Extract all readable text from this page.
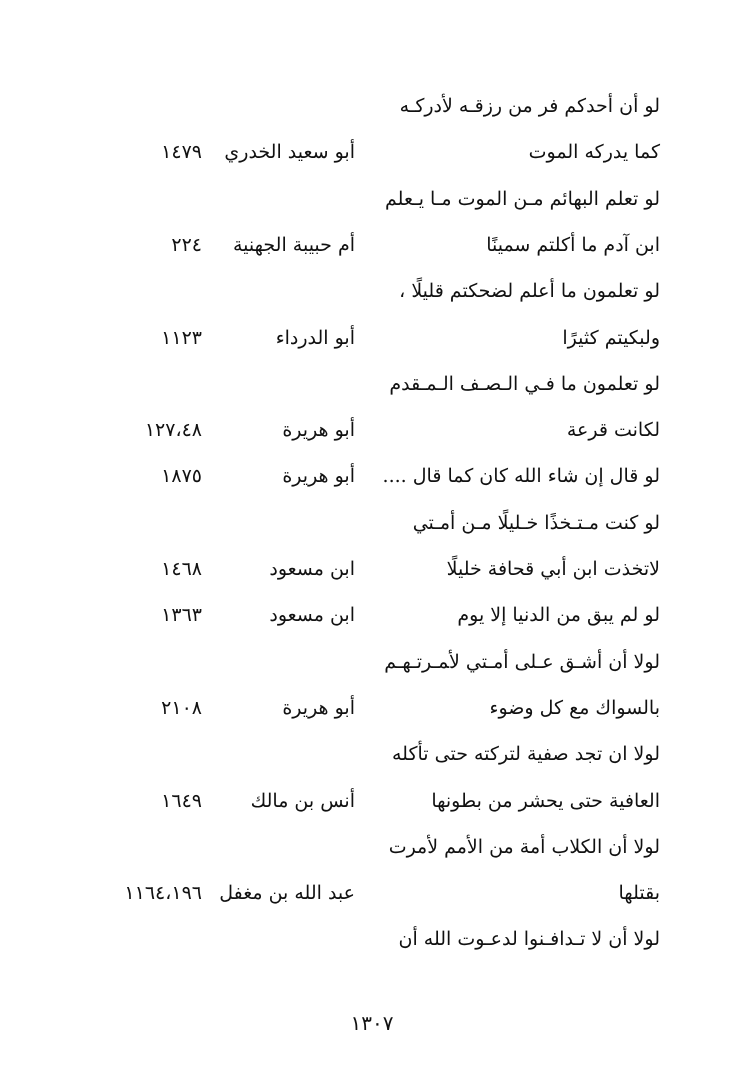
لو أن أحدكم فر من رزقـه لأدركـه
كما يدركه الموت
أبو سعيد الخدري
١٤٧٩
لو تعلم البهائم مـن الموت مـا يـعلم
ابن آدم ما أكلتم سمينًا
أم حبيبة الجهنية
٢٢٤
لو تعلمون ما أعلم لضحكتم قليلًا ،
ولبكيتم كثيرًا
أبو الدرداء
١١٢٣
لو تعلمون ما فـي الـصـف الـمـقدم
لكانت قرعة
أبو هريرة
١٢٧،٤٨
لو قال إن شاء الله كان كما قال ....
أبو هريرة
١٨٧٥
لو كنت مـتـخذًا خـليلًا مـن أمـتي
لاتخذت ابن أبي قحافة خليلًا
ابن مسعود
١٤٦٨
لو لم يبق من الدنيا إلا يوم
ابن مسعود
١٣٦٣
لولا أن أشـق عـلى أمـتي لأ‍مـرتـهـم
بالسواك مع كل وضوء
أبو هريرة
٢١٠٨
لولا ان تجد صفية لتركته حتى تأكله
العافية حتى يحشر من بطونها
أنس بن مالك
١٦٤٩
لولا أن الكلاب أمة من الأمم لأمرت
بقتلها
عبد الله بن مغفل
١١٦٤،١٩٦
لولا أن لا تـدافـنوا لدعـوت الله أن
١٣٠٧
